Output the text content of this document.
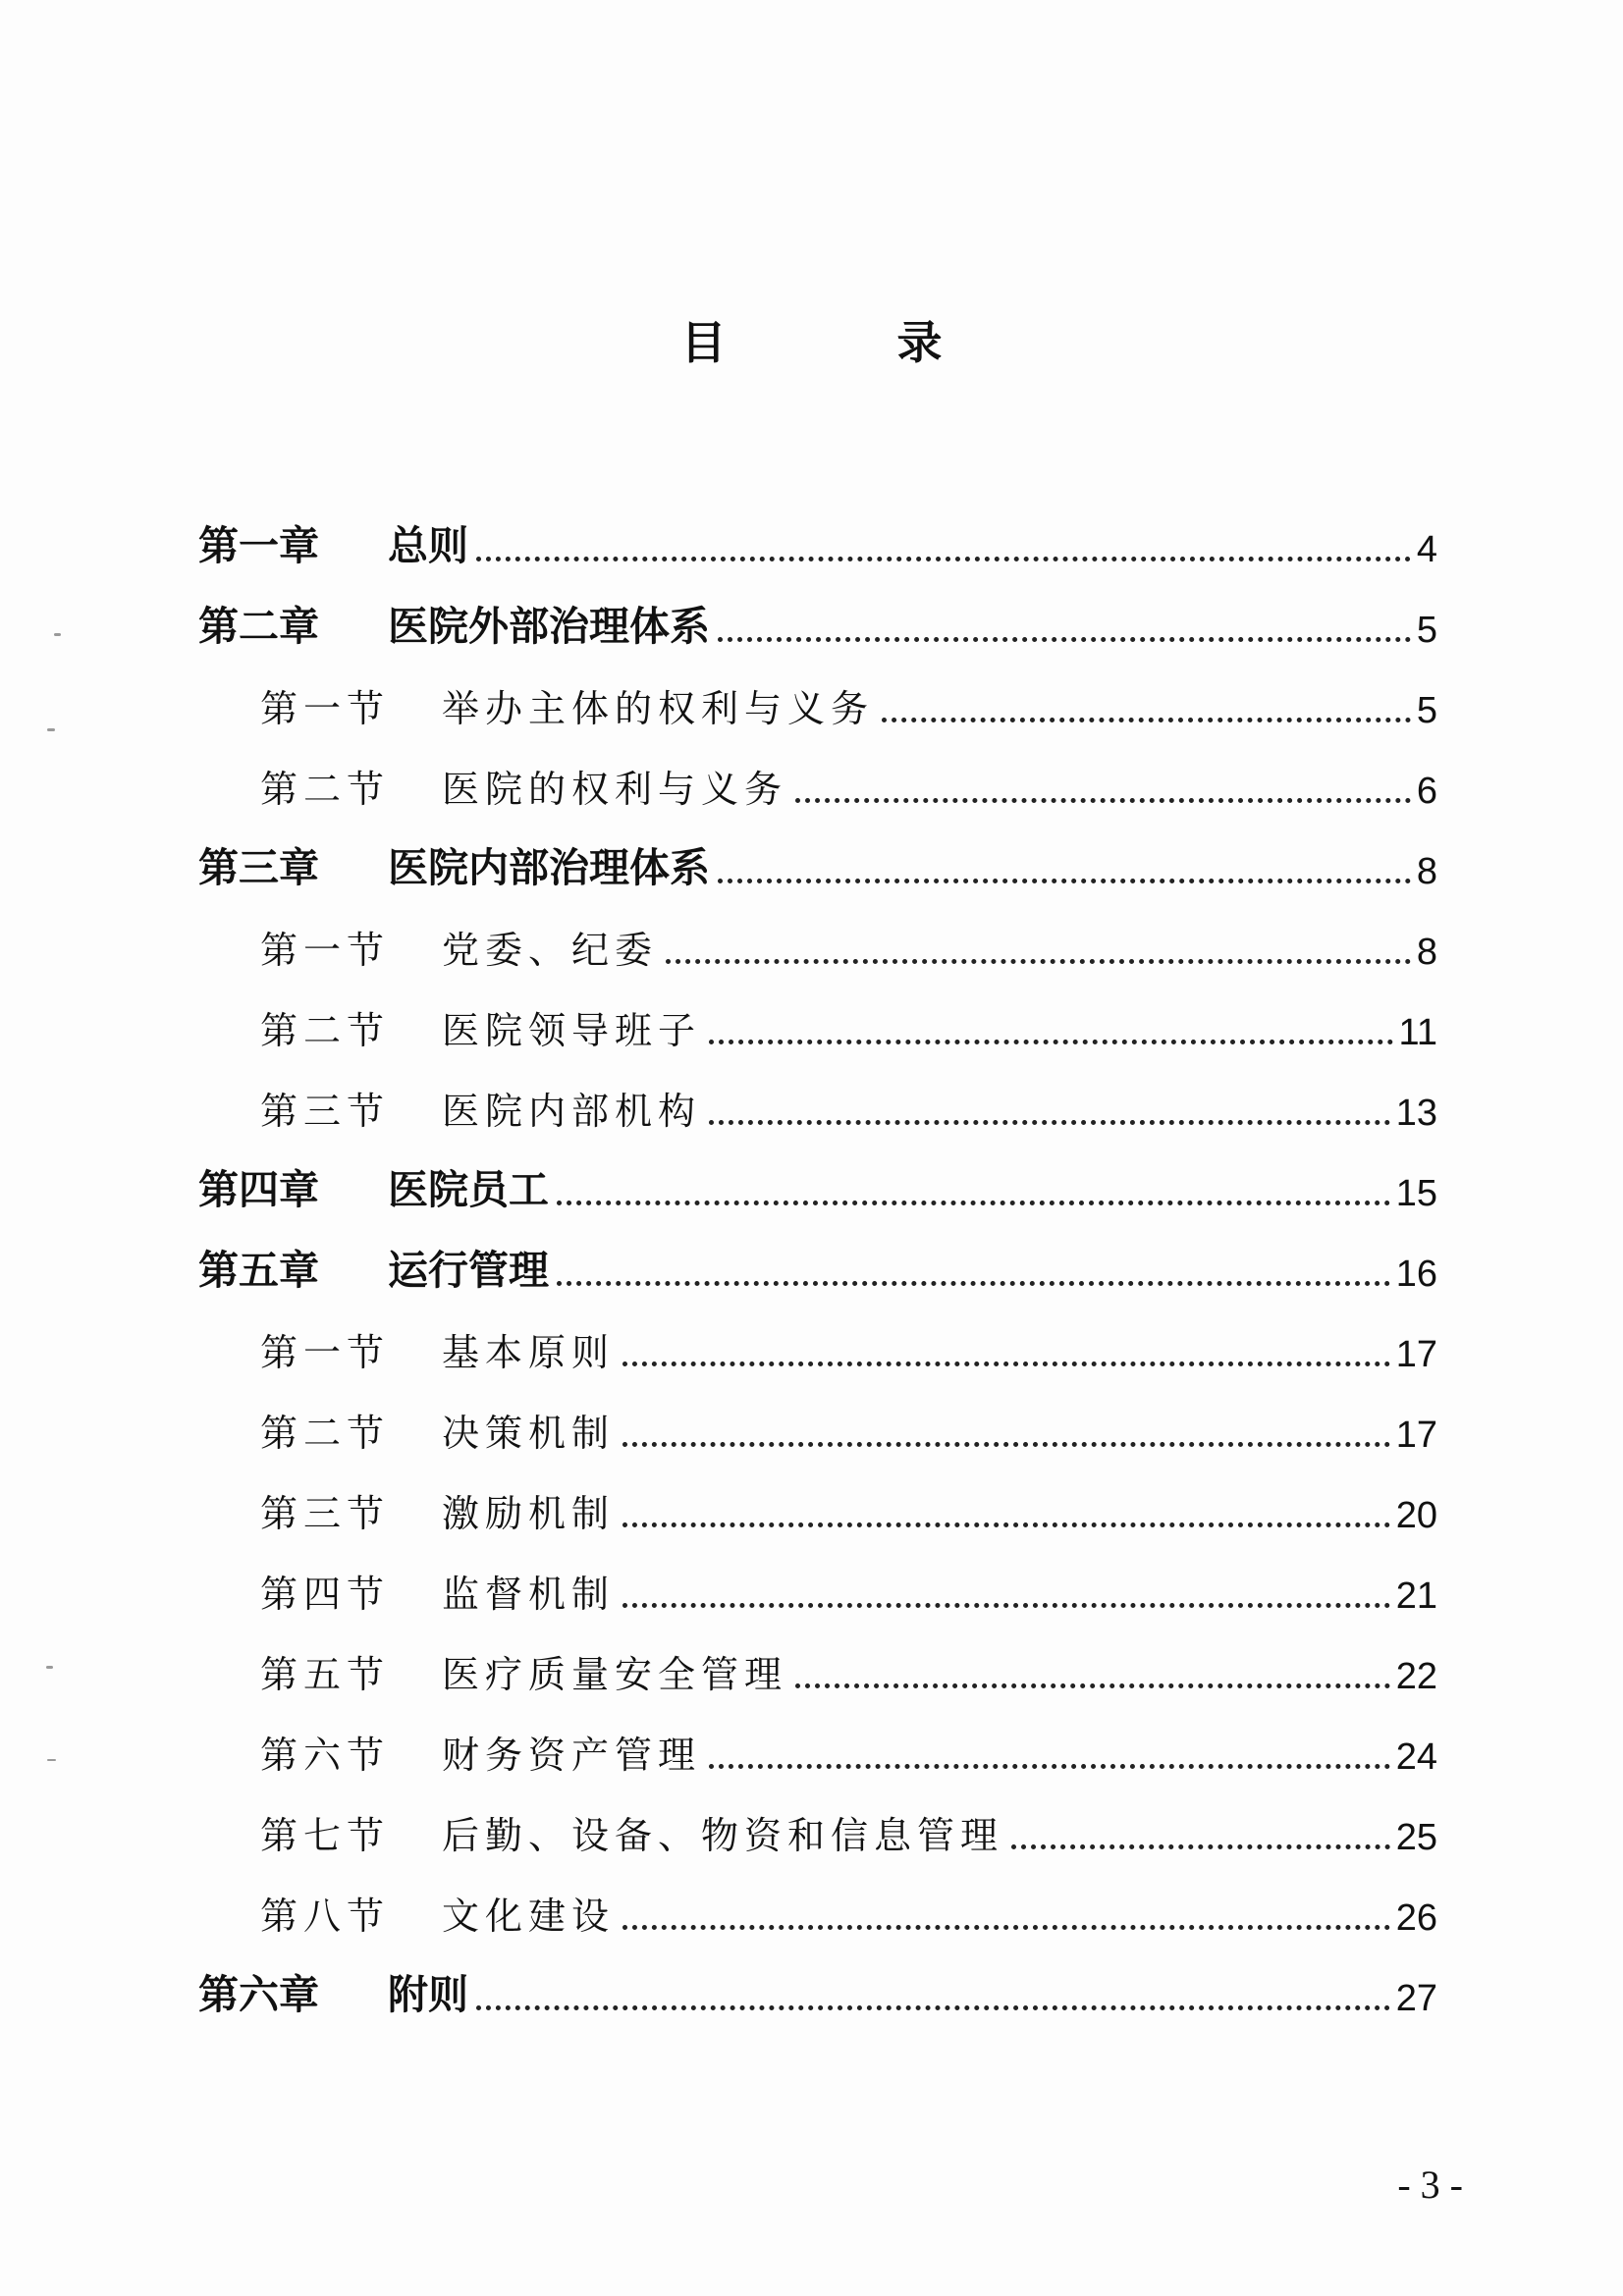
目　录
第一章	总则	4
第二章	医院外部治理体系	5
第一节	举办主体的权利与义务	5
第二节	医院的权利与义务	6
第三章	医院内部治理体系	8
第一节	党委、纪委	8
第二节	医院领导班子	11
第三节	医院内部机构	13
第四章	医院员工	15
第五章	运行管理	16
第一节	基本原则	17
第二节	决策机制	17
第三节	激励机制	20
第四节	监督机制	21
第五节	医疗质量安全管理	22
第六节	财务资产管理	24
第七节	后勤、设备、物资和信息管理	25
第八节	文化建设	26
第六章	附则	27
- 3 -
